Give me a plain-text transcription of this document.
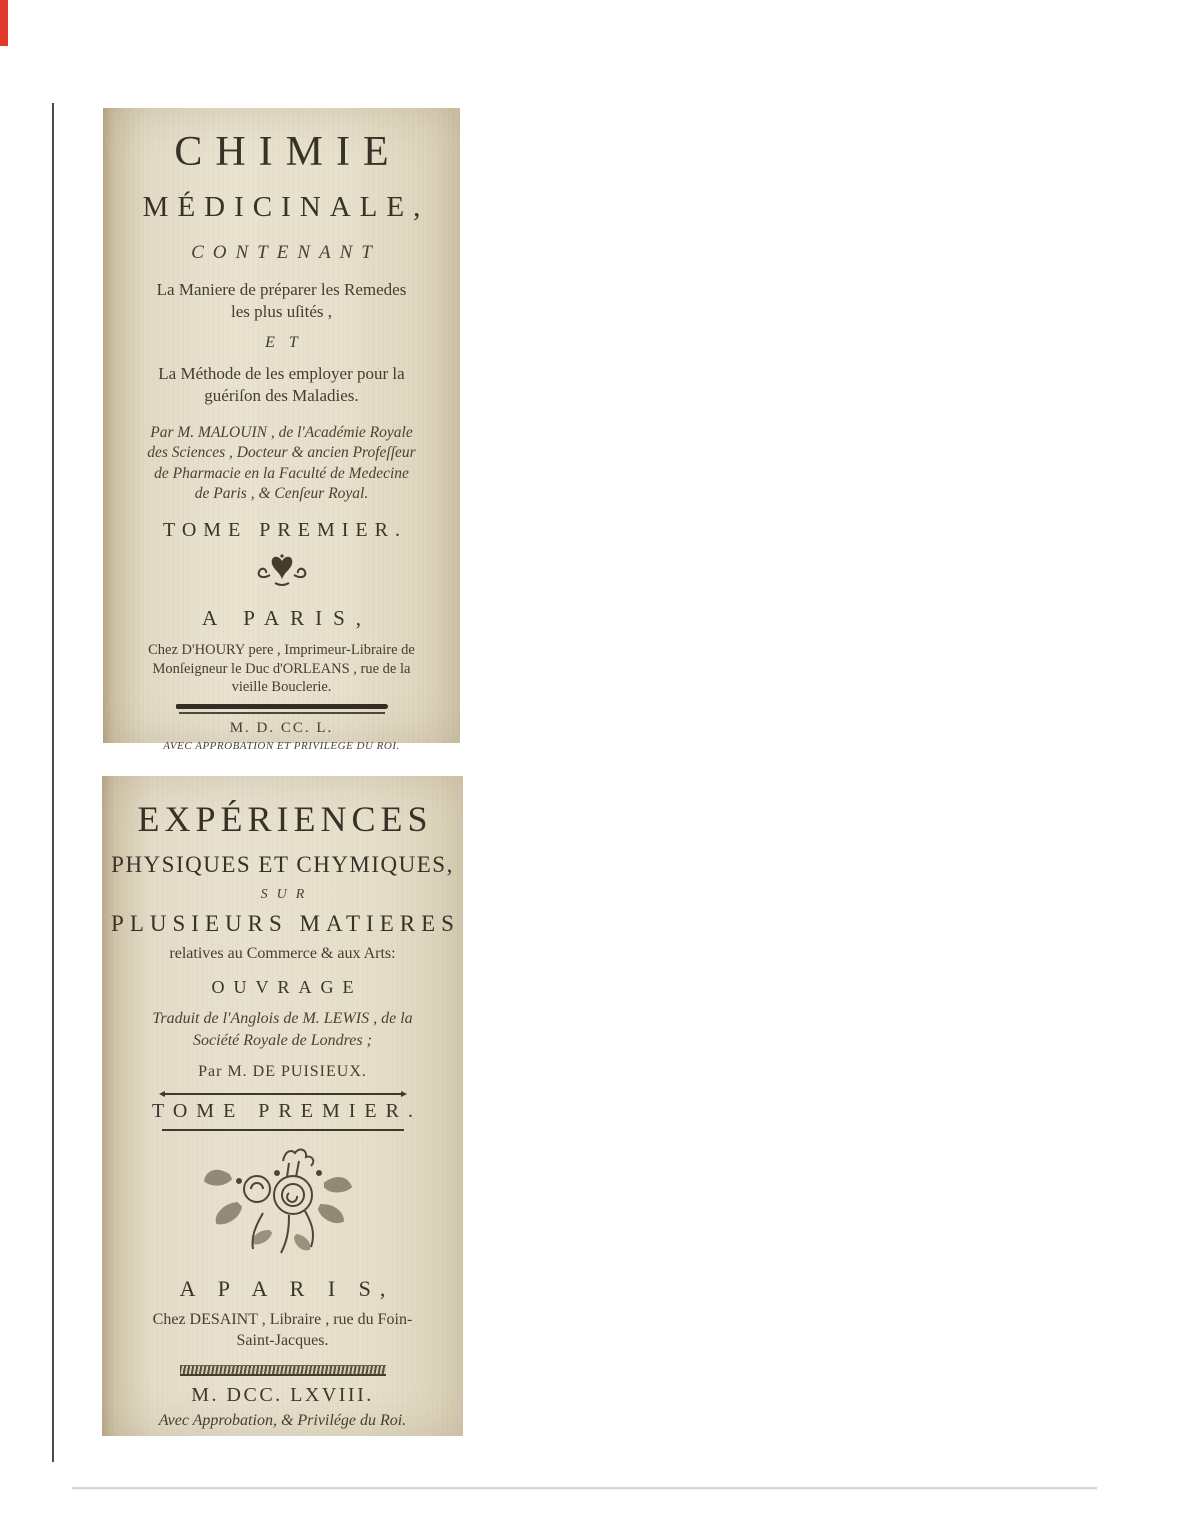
CHIMIE
MÉDICINALE,
CONTENANT
La Maniere de préparer les Remedes
les plus uſités ,
E T
La Méthode de les employer pour la
guériſon des Maladies.
Par M. MALOUIN , de l'Académie Royale
des Sciences , Docteur & ancien Profeſſeur
de Pharmacie en la Faculté de Medecine
de Paris , & Cenſeur Royal.
TOME PREMIER.
A PARIS,
Chez D'HOURY pere , Imprimeur-Libraire de
Monſeigneur le Duc d'ORLEANS , rue de la
vieille Bouclerie.
M. D. CC. L.
AVEC APPROBATION ET PRIVILEGE DU ROI.
EXPÉRIENCES
PHYSIQUES ET CHYMIQUES,
SUR
PLUSIEURS MATIERES
relatives au Commerce & aux Arts:
OUVRAGE
Traduit de l'Anglois de M. LEWIS , de la
Société Royale de Londres ;
Par M. DE PUISIEUX.
TOME PREMIER.
A P A R I S,
Chez DESAINT , Libraire , rue du Foin-
Saint-Jacques.
M. DCC. LXVIII.
Avec Approbation, & Privilége du Roi.
